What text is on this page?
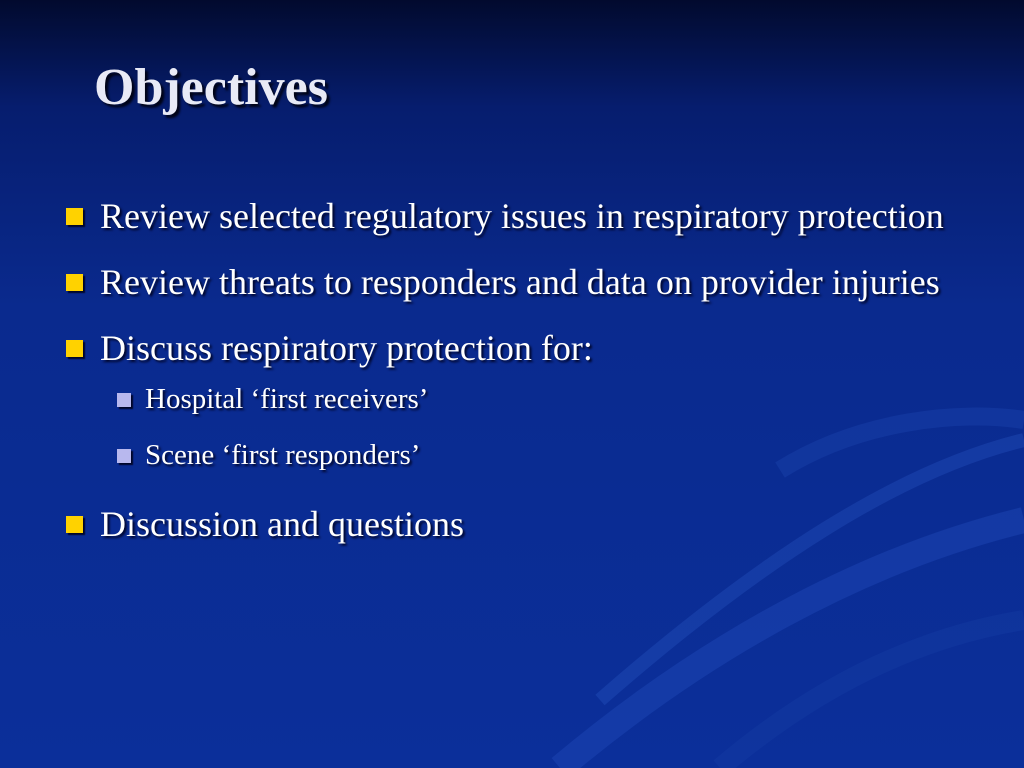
Objectives
Review selected regulatory issues in respiratory protection
Review threats to responders and data on provider injuries
Discuss respiratory protection for:
Hospital ‘first receivers’
Scene ‘first responders’
Discussion and questions
